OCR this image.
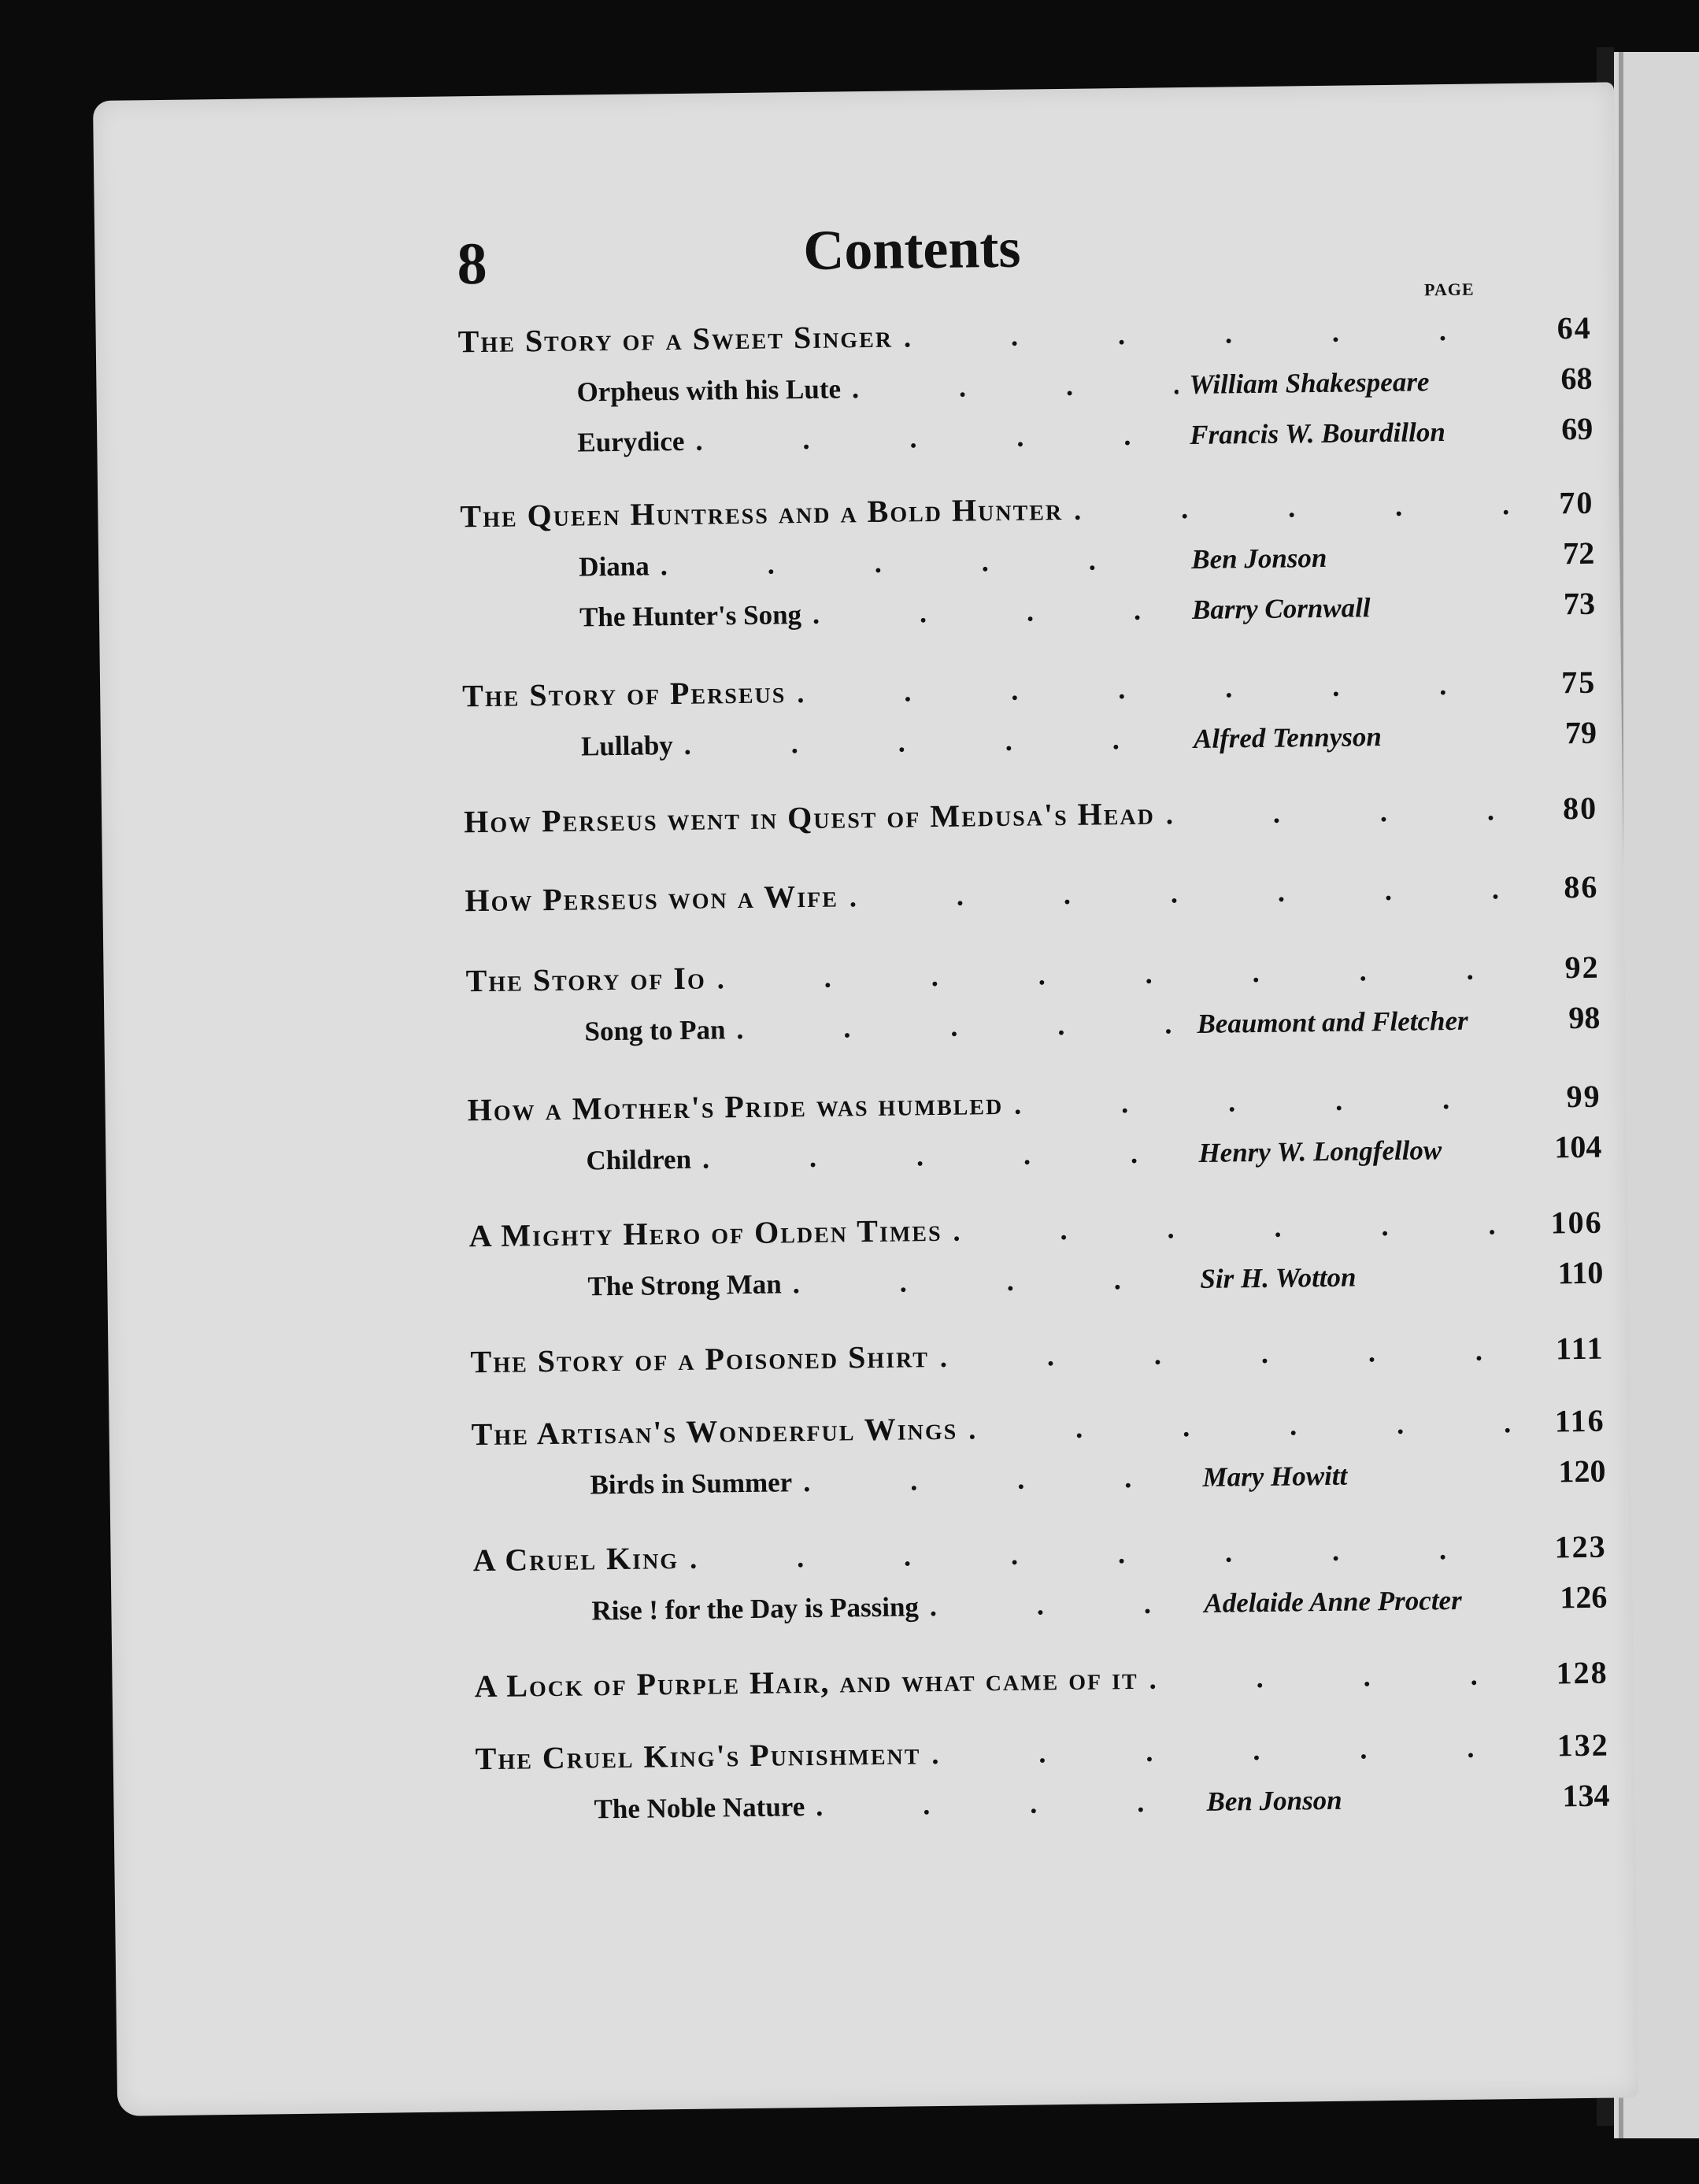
8	Contents
PAGE
The Story of a Sweet Singer . . .	64
Orpheus with his Lute . . .	William Shakespeare	68
Eurydice . . .	Francis W. Bourdillon	69
The Queen Huntress and a Bold Hunter . . .	70
Diana . . .	Ben Jonson	72
The Hunter's Song . . .	Barry Cornwall	73
The Story of Perseus . . .	75
Lullaby . . .	Alfred Tennyson	79
How Perseus went in Quest of Medusa's Head . . .	80
How Perseus won a Wife . . .	86
The Story of Io . . .	92
Song to Pan . . .	Beaumont and Fletcher	98
How a Mother's Pride was humbled . . .	99
Children . . .	Henry W. Longfellow	104
A Mighty Hero of Olden Times . . .	106
The Strong Man . . .	Sir H. Wotton	110
The Story of a Poisoned Shirt . . .	111
The Artisan's Wonderful Wings . . .	116
Birds in Summer . . .	Mary Howitt	120
A Cruel King . . .	123
Rise ! for the Day is Passing . . .	Adelaide Anne Procter	126
A Lock of Purple Hair, and what came of it . . .	128
The Cruel King's Punishment . . .	132
The Noble Nature . . .	Ben Jonson	134
